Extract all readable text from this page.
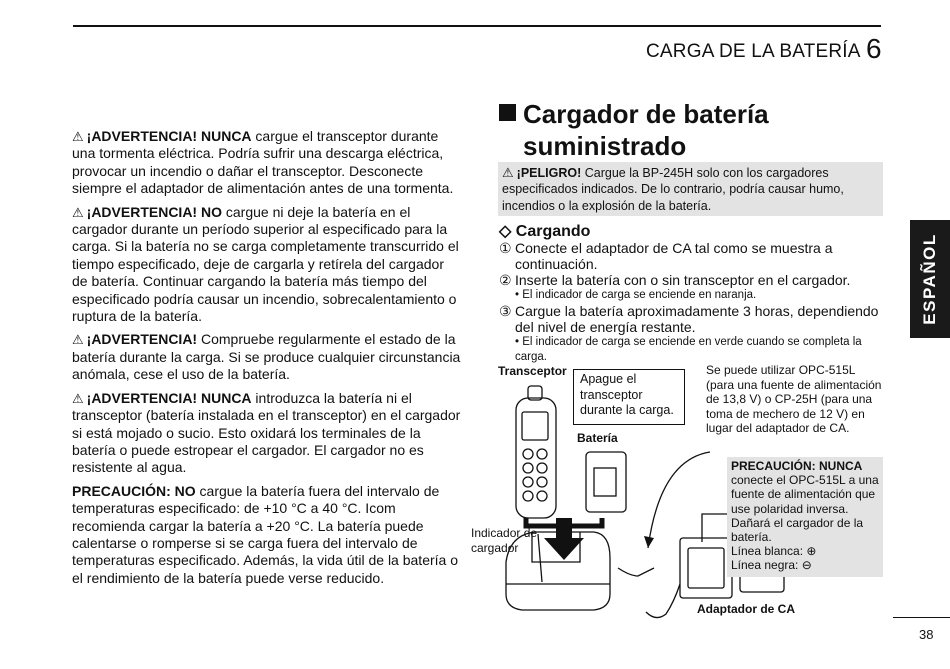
CARGA DE LA BATERÍA 6
ESPAÑOL

⚠ ¡ADVERTENCIA! NUNCA cargue el transceptor durante una tormenta eléctrica. Podría sufrir una descarga eléctrica, provocar un incendio o dañar el transceptor. Desconecte siempre el adaptador de alimentación antes de una tormenta.

⚠ ¡ADVERTENCIA! NO cargue ni deje la batería en el cargador durante un período superior al especificado para la carga. Si la batería no se carga completamente transcurrido el tiempo especificado, deje de cargarla y retírela del cargador de batería. Continuar cargando la batería más tiempo del especificado podría causar un incendio, sobrecalentamiento o ruptura de la batería.

⚠ ¡ADVERTENCIA! Compruebe regularmente el estado de la batería durante la carga. Si se produce cualquier circunstancia anómala, cese el uso de la batería.

⚠ ¡ADVERTENCIA! NUNCA introduzca la batería ni el transceptor (batería instalada en el transceptor) en el cargador si está mojado o sucio. Esto oxidará los terminales de la batería o puede estropear el cargador. El cargador no es resistente al agua.

PRECAUCIÓN: NO cargue la batería fuera del intervalo de temperaturas especificado: de +10 °C a 40 °C. Icom recomienda cargar la batería a +20 °C. La batería puede calentarse o romperse si se carga fuera del intervalo de temperaturas especificado. Además, la vida útil de la batería o el rendimiento de la batería puede verse reducido.

Cargador de batería
suministrado
⚠ ¡PELIGRO! Cargue la BP-245H solo con los cargadores especificados indicados. De lo contrario, podría causar humo, incendios o la explosión de la batería.
◇ Cargando
① Conecte el adaptador de CA tal como se muestra a continuación.
② Inserte la batería con o sin transceptor en el cargador.
• El indicador de carga se enciende en naranja.
③ Cargue la batería aproximadamente 3 horas, dependiendo del nivel de energía restante.
• El indicador de carga se enciende en verde cuando se completa la carga.
Transceptor
Apague el transceptor durante la carga.
Batería
Indicador de cargador
Adaptador de CA
Se puede utilizar OPC-515L (para una fuente de alimentación de 13,8 V) o CP-25H (para una toma de mechero de 12 V) en lugar del adaptador de CA.
PRECAUCIÓN: NUNCA
conecte el OPC-515L a una fuente de alimentación que use polaridad inversa. Dañará el cargador de la batería.
Línea blanca: ⊕
Línea negra: ⊖
38
